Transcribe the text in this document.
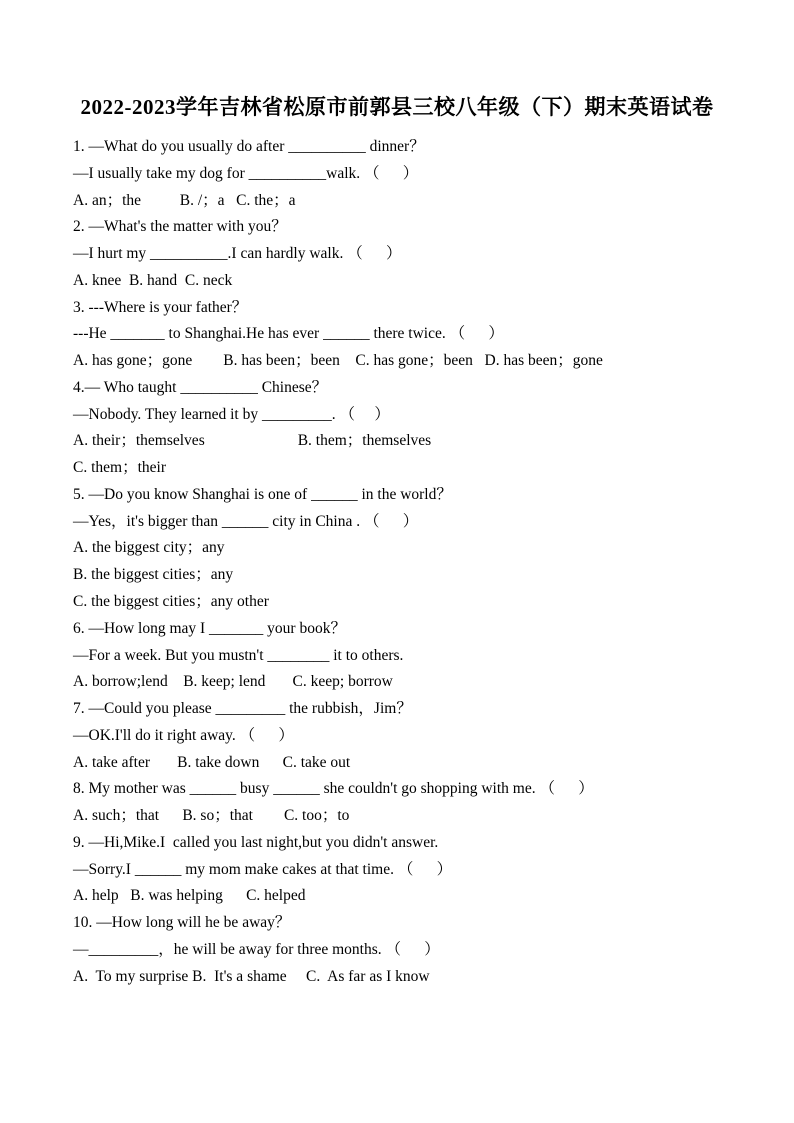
2022-2023学年吉林省松原市前郭县三校八年级（下）期末英语试卷
1. —What do you usually do after __________ dinner？
—I usually take my dog for __________walk. （      ）
A. an；the          B. /；a   C. the；a
2. —What's the matter with you？
—I hurt my __________.I can hardly walk. （      ）
A. knee  B. hand  C. neck
3. ---Where is your father？
---He _______ to Shanghai.He has ever ______ there twice. （      ）
A. has gone；gone        B. has been；been    C. has gone；been   D. has been；gone
4.— Who taught __________ Chinese？
—Nobody. They learned it by _________. （     ）
A. their；themselves                        B. them；themselves
C. them；their
5. —Do you know Shanghai is one of ______ in the world？
—Yes，it's bigger than ______ city in China . （      ）
A. the biggest city；any
B. the biggest cities；any
C. the biggest cities；any other
6. —How long may I _______ your book？
—For a week. But you mustn't ________ it to others.
A. borrow;lend    B. keep; lend       C. keep; borrow
7. —Could you please _________ the rubbish，Jim？
—OK.I'll do it right away. （      ）
A. take after       B. take down      C. take out
8. My mother was ______ busy ______ she couldn't go shopping with me. （      ）
A. such；that      B. so；that        C. too；to
9. —Hi,Mike.I  called you last night,but you didn't answer.
—Sorry.I ______ my mom make cakes at that time. （      ）
A. help   B. was helping      C. helped
10. —How long will he be away？
—_________，he will be away for three months. （      ）
A.  To my surprise B.  It's a shame     C.  As far as I know
